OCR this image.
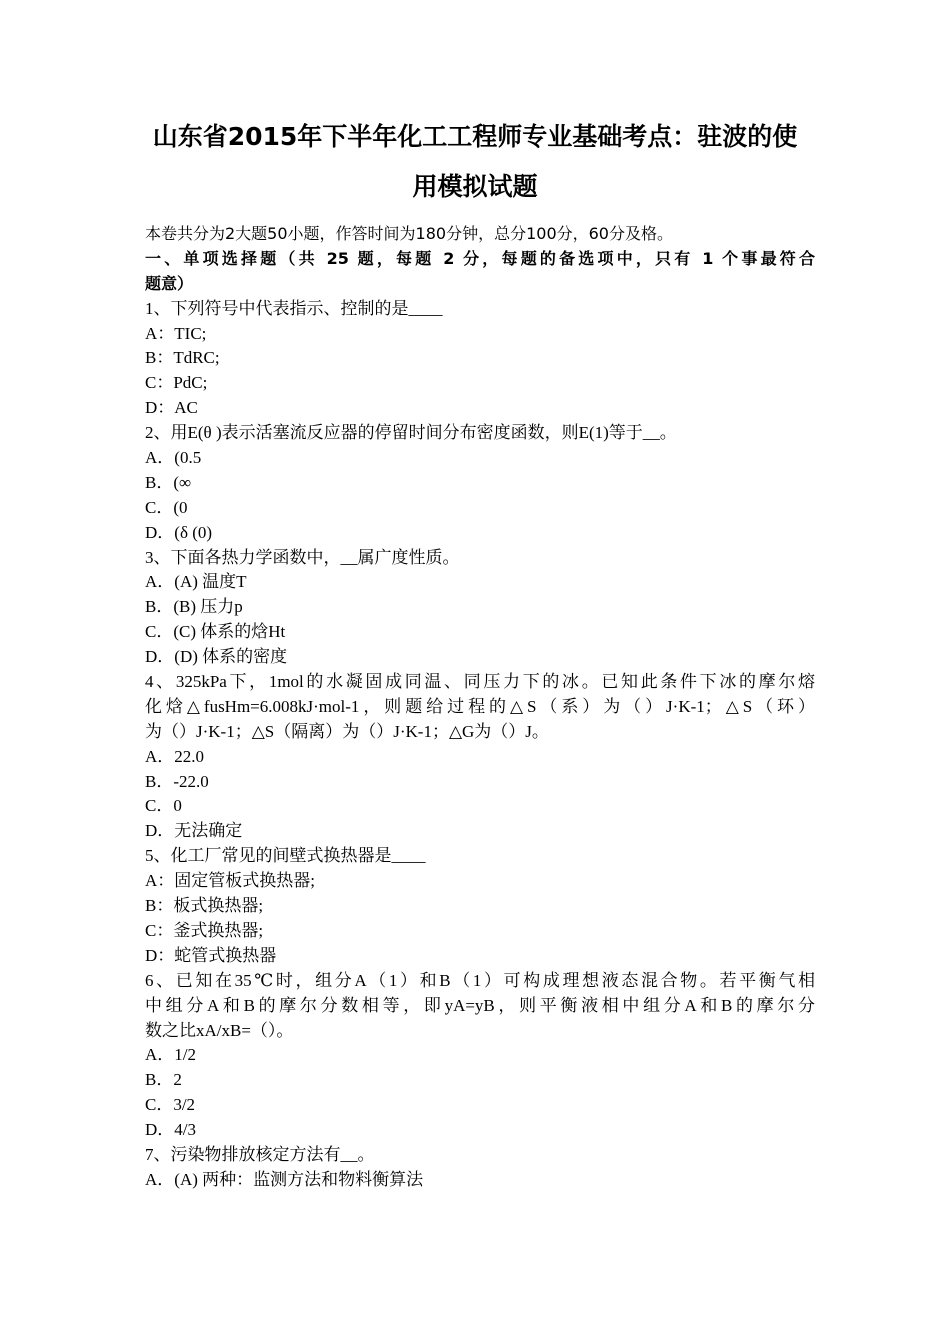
山东省2015年下半年化工工程师专业基础考点：驻波的使
用模拟试题
本卷共分为2大题50小题，作答时间为180分钟，总分100分，60分及格。
一、单项选择题（共 25 题，每题 2 分，每题的备选项中，只有 1 个事最符合
题意）
1、下列符号中代表指示、控制的是____
A：TIC;
B：TdRC;
C：PdC;
D：AC
2、用E(θ )表示活塞流反应器的停留时间分布密度函数，则E(1)等于__。
A．(0.5
B．(∞
C．(0
D．(δ (0)
3、下面各热力学函数中，__属广度性质。
A．(A) 温度T
B．(B) 压力p
C．(C) 体系的焓Ht
D．(D) 体系的密度
4、325kPa下，1mol的水凝固成同温、同压力下的冰。已知此条件下冰的摩尔熔
化焓△fusHm=6.008kJ·mol-1，则题给过程的△S（系）为（）J·K-1；△S（环）
为（）J·K-1；△S（隔离）为（）J·K-1；△G为（）J。
A．22.0
B．-22.0
C．0
D．无法确定
5、化工厂常见的间壁式换热器是____
A：固定管板式换热器;
B：板式换热器;
C：釜式换热器;
D：蛇管式换热器
6、已知在35℃时，组分A（1）和B（1）可构成理想液态混合物。若平衡气相
中组分A和B的摩尔分数相等，即yA=yB，则平衡液相中组分A和B的摩尔分
数之比xA/xB=（）。
A．1/2
B．2
C．3/2
D．4/3
7、污染物排放核定方法有__。
A．(A) 两种：监测方法和物料衡算法
